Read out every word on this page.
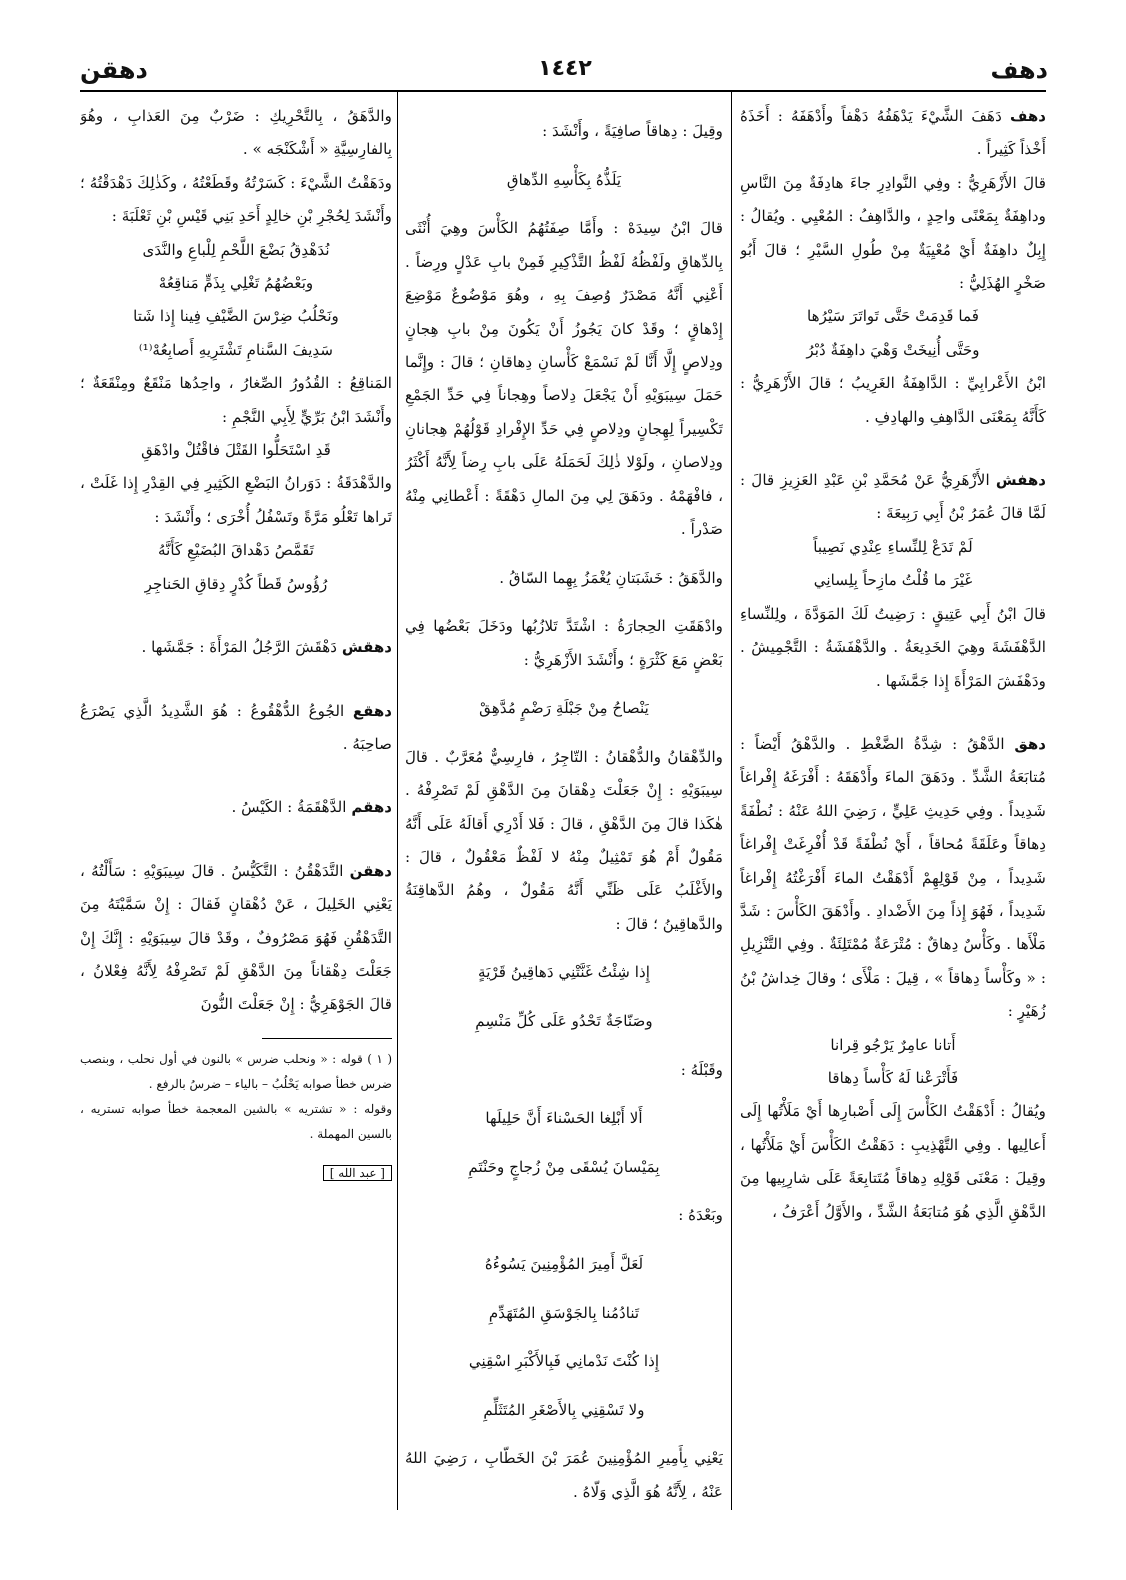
دهف
١٤٤٢
دهقن

دهف دَهَفَ الشَّيْءَ يَدْهَفُهُ دَهْفاً وأَدْهَفَهُ : أَخَذَهُ أَخْذاً كَثِيراً .

قالَ الأَزْهَرِيُّ : وفِي النَّوادِرِ جاءَ هادِفَةٌ مِنَ النَّاسِ وداهِفَةٌ بِمَعْنًى واحِدٍ ، والدَّاهِفُ : المُعْيِي . ويُقالُ : إِبِلٌ داهِفَةٌ أَيْ مُعْيِيَةٌ مِنْ طُولِ السَّيْرِ ؛ قالَ أَبُو صَخْرٍ الهُذَلِيُّ :

فَما قَدِمَتْ حَتَّى تَواتَرَ سَيْرُها

وحَتَّى أُنِيخَتْ وَهْيَ داهِفَةٌ دُبْرُ

ابْنُ الأَعْرابِيِّ : الدَّاهِفَةُ الغَرِيبُ ؛ قالَ الأَزْهَرِيُّ : كَأَنَّهُ بِمَعْنَى الدَّاهِفِ والهادِفِ .

دهفش الأَزْهَرِيُّ عَنْ مُحَمَّدِ بْنِ عَبْدِ العَزِيزِ قالَ : لَمَّا قالَ عُمَرُ بْنُ أَبِي رَبِيعَةَ :

لَمْ تَدَعْ لِلنِّساءِ عِنْدِي نَصِيباً

غَيْرَ ما قُلْتُ مازِحاً بِلِسانِي

قالَ ابْنُ أَبِي عَتِيقٍ : رَضِيتُ لَكَ المَوَدَّةَ ، ولِلنِّساءِ الدَّهْفَشَةَ وهِيَ الخَدِيعَةُ . والدَّهْفَشَةُ : التَّجْمِيشُ . ودَهْفَشَ المَرْأَةَ إِذا جَمَّشَها .

دهق الدَّهْقُ : شِدَّةُ الضَّغْطِ . والدَّهْقُ أَيْضاً : مُتابَعَةُ الشَّدِّ . ودَهَقَ الماءَ وأَدْهَقَهُ : أَفْرَغَهُ إِفْراغاً شَدِيداً . وفِي حَدِيثِ عَلِيٍّ ، رَضِيَ اللهُ عَنْهُ : نُطْفَةً دِهاقاً وعَلَقَةً مُحاقاً ، أَيْ نُطْفَةً قَدْ أُفْرِغَتْ إِفْراغاً شَدِيداً ، مِنْ قَوْلِهِمْ أَدْهَقْتُ الماءَ أَفْرَغْتُهُ إِفْراغاً شَدِيداً ، فَهُوَ إِذاً مِنَ الأَضْدادِ . وأَدْهَقَ الكَأْسَ : شَدَّ مَلْأَها . وكَأْسٌ دِهاقٌ : مُتْرَعَةٌ مُمْتَلِئَةٌ . وفِي التَّنْزِيلِ : « وكَأْساً دِهاقاً » ، قِيلَ : مَلْأَى ؛ وقالَ خِداشُ بْنُ زُهَيْرٍ :

أَتانا عامِرٌ يَرْجُو قِرانا

فَأَتْرَعْنا لَهُ كَأْساً دِهاقا

ويُقالُ : أَدْهَقْتُ الكَأْسَ إِلَى أَصْبارِها أَيْ مَلَأْتُها إِلَى أَعالِيها . وفِي التَّهْذِيبِ : دَهَقْتُ الكَأْسَ أَيْ مَلَأْتُها ، وقِيلَ : مَعْنَى قَوْلِهِ دِهاقاً مُتَتابِعَةً عَلَى شارِبِيها مِنَ الدَّهْقِ الَّذِي هُوَ مُتابَعَةُ الشَّدِّ ، والأَوَّلُ أَعْرَفُ ،

وقِيلَ : دِهاقاً صافِيَةً ، وأَنْشَدَ :

يَلَذُّهُ بِكَأْسِهِ الدِّهاقِ

قالَ ابْنُ سِيدَهْ : وأَمَّا صِفَتُهُمُ الكَأْسَ وهِيَ أُنْثَى بِالدِّهاقِ ولَفْظُهُ لَفْظُ التَّذْكِيرِ فَمِنْ بابِ عَدْلٍ ورِضاً . أَعْنِي أَنَّهُ مَصْدَرٌ وُصِفَ بِهِ ، وهُوَ مَوْضُوعٌ مَوْضِعَ إِدْهاقٍ ؛ وقَدْ كانَ يَجُوزُ أَنْ يَكُونَ مِنْ بابِ هِجانٍ ودِلاصٍ إِلَّا أَنَّا لَمْ نَسْمَعْ كَأْسانِ دِهاقانِ ؛ قالَ : وإِنَّما حَمَلَ سِيبَوَيْهِ أَنْ يَجْعَلَ دِلاصاً وهِجاناً فِي حَدِّ الجَمْعِ تَكْسِيراً لِهِجانٍ ودِلاصٍ فِي حَدِّ الإِفْرادِ قَوْلُهُمْ هِجانانِ ودِلاصانِ ، ولَوْلا ذٰلِكَ لَحَمَلَهُ عَلَى بابِ رِضاً لِأَنَّهُ أَكْثَرُ ، فافْهَمْهُ . ودَهَقَ لِي مِنَ المالِ دَهْقَةً : أَعْطانِي مِنْهُ صَدْراً .

والدَّهَقُ : خَشَبَتانِ يُغْمَزُ بِهِما السّاقُ .

وادْهَقَتِ الحِجارَةُ : اشْتَدَّ تَلازُبُها ودَخَلَ بَعْضُها فِي بَعْضٍ مَعَ كَثْرَةٍ ؛ وأَنْشَدَ الأَزْهَرِيُّ :

يَنْصاحُ مِنْ جَبْلَةِ رَضْمٍ مُدَّهِقْ

والدِّهْقانُ والدُّهْقانُ : التّاجِرُ ، فارِسِيٌّ مُعَرَّبٌ . قالَ سِيبَوَيْهِ : إِنْ جَعَلْتَ دِهْقانَ مِنَ الدَّهْقِ لَمْ تَصْرِفْهُ . هٰكَذا قالَ مِنَ الدَّهْقِ ، قالَ : فَلا أَدْرِي أَقالَهُ عَلَى أَنَّهُ مَقُولٌ أَمْ هُوَ تَمْثِيلٌ مِنْهُ لا لَفْظٌ مَعْقُولٌ ، قالَ : والأَغْلَبُ عَلَى ظَنِّي أَنَّهُ مَقُولٌ ، وهُمُ الدَّهاقِنَةُ والدَّهاقِينُ ؛ قالَ :

إِذا شِئْتُ غَنَّتْنِي دَهاقِينُ قَرْيَةٍ

وصَنّاجَةٌ تَحْدُو عَلَى كُلِّ مَنْسِمِ

وقَبْلَهُ :

أَلا أَبْلِغا الحَسْناءَ أَنَّ حَلِيلَها

بِمَيْسانَ يُسْقَى مِنْ زُجاجٍ وحَنْتَمِ

وبَعْدَهُ :

لَعَلَّ أَمِيرَ المُؤْمِنِينَ يَسُوءُهُ

تَنادُمُنا بِالجَوْسَقِ المُتَهَدِّمِ

إِذا كُنْتَ نَدْمانِي فَبِالأَكْبَرِ اسْقِنِي

ولا تَسْقِنِي بِالأَصْغَرِ المُتَثَلِّمِ

يَعْنِي بِأَمِيرِ المُؤْمِنِينَ عُمَرَ بْنَ الخَطّابِ ، رَضِيَ اللهُ عَنْهُ ، لِأَنَّهُ هُوَ الَّذِي وَلّاهُ .

والدَّهَقُ ، بِالتَّحْرِيكِ : ضَرْبٌ مِنَ العَذابِ ، وهُوَ بِالفارِسِيَّةِ « أَشْكَنْجَه » .

ودَهَقْتُ الشَّيْءَ : كَسَرْتُهُ وقَطَعْتُهُ ، وكَذٰلِكَ دَهْدَقْتُهُ ؛ وأَنْشَدَ لِحُجْرِ بْنِ خالِدٍ أَحَدِ بَنِي قَيْسِ بْنِ ثَعْلَبَةَ :

نُدَهْدِقُ بَضْعَ اللَّحْمِ لِلْباعِ والنَّدَى

وبَعْضُهُمُ تَغْلِي بِذَمٍّ مَناقِعُهْ

ونَحْلُبُ ضِرْسَ الضَّيْفِ فِينا إِذا شَتا

سَدِيفَ السَّنامِ تَشْتَرِيهِ أَصابِعُهْ⁽¹⁾

المَناقِعُ : القُدُورُ الصِّغارُ ، واحِدُها مَنْقَعٌ ومِنْقَعَةٌ ؛ وأَنْشَدَ ابْنُ بَرِّيٍّ لِأَبِي النَّجْمِ :

قَدِ اسْتَحَلُّوا القَتْلَ فاقْتُلْ وادْهَقِ

والدَّهْدَقَةُ : دَوَرانُ البَضْعِ الكَثِيرِ فِي القِدْرِ إِذا غَلَتْ ، تَراها تَعْلُو مَرَّةً وتَسْفُلُ أُخْرَى ؛ وأَنْشَدَ :

تَقَمَّصُ دَهْداقَ البُضَيْعِ كَأَنَّهُ

رُؤُوسُ قَطاً كُدْرٍ دِقاقِ الحَناجِرِ

دهقش دَهْقَشَ الرَّجُلُ المَرْأَةَ : جَمَّشَها .

دهقع الجُوعُ الدُّهْقُوعُ : هُوَ الشَّدِيدُ الَّذِي يَصْرَعُ صاحِبَهُ .

دهقم الدَّهْقَمَةُ : الكَيْسُ .

دهقن التَّدَهْقُنُ : التَّكَيُّسُ . قالَ سِيبَوَيْهِ : سَأَلْتُهُ ، يَعْنِي الخَلِيلَ ، عَنْ دُهْقانٍ فَقالَ : إِنْ سَمَّيْتَهُ مِنَ التَّدَهْقُنِ فَهُوَ مَصْرُوفٌ ، وقَدْ قالَ سِيبَوَيْهِ : إِنَّكَ إِنْ جَعَلْتَ دِهْقاناً مِنَ الدَّهْقِ لَمْ تَصْرِفْهُ لِأَنَّهُ فِعْلانُ ، قالَ الجَوْهَرِيُّ : إِنْ جَعَلْتَ النُّونَ

( ١ ) قوله : « ونحلب ضرس » بالنون في أول نحلب ، وبنصب ضرس خطأ صوابه يَحْلُبُ – بالياء – ضرسُ بالرفع .

وقوله : « تشتريه » بالشين المعجمة خطأ صوابه تستريه ، بالسين المهملة .

[ عبد الله ]
